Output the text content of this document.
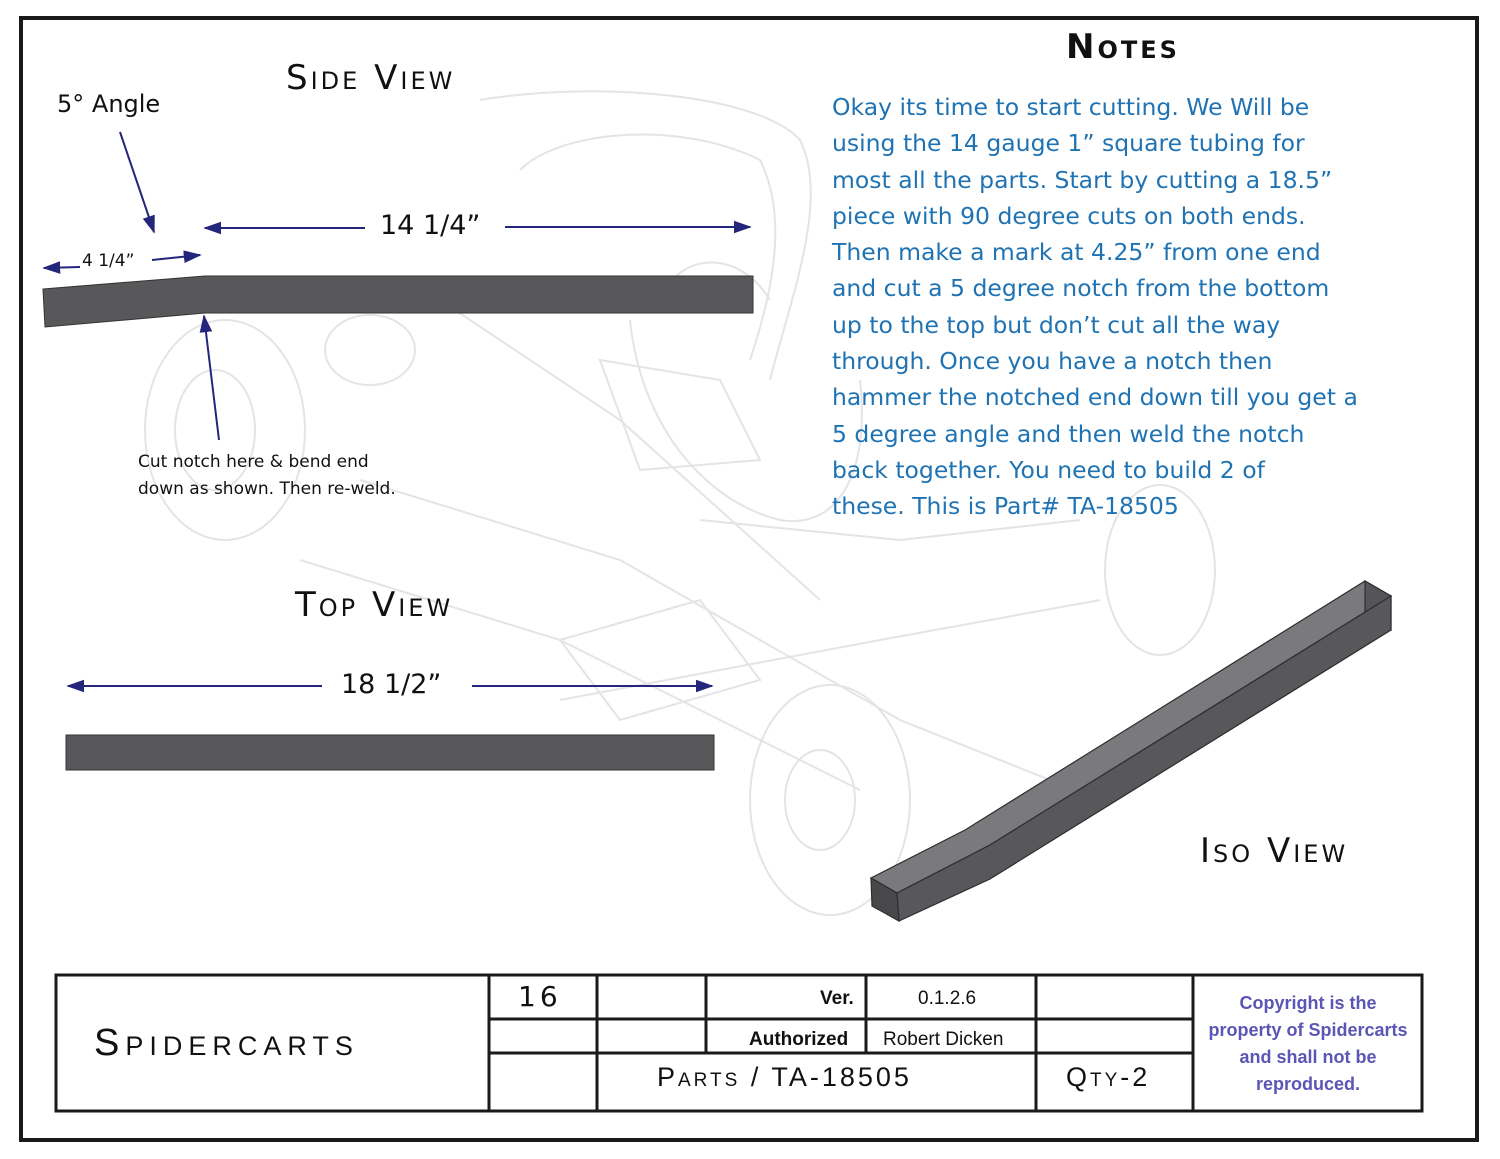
Side View
Top View
Iso View
Notes
Okay its time to start cutting. We Will be
using the 14 gauge 1” square tubing for
most all the parts. Start by cutting a 18.5”
piece with 90 degree cuts on both ends.
Then make a mark at 4.25” from one end
and cut a 5 degree notch from the bottom
up to the top but don’t cut all the way
through. Once you have a notch then
hammer the notched end down till you get a
5 degree angle and then weld the notch
back together. You need to build 2 of
these. This is Part# TA-18505
5° Angle
14 1/4”
4 1/4”
Cut notch here & bend end
down as shown. Then re-weld.
18 1/2”
Spidercarts
16	Ver.	0.1.2.6
Authorized Robert Dicken
Parts / TA-18505	Qty-2
Copyright is the
property of Spidercarts
and shall not be
reproduced.
